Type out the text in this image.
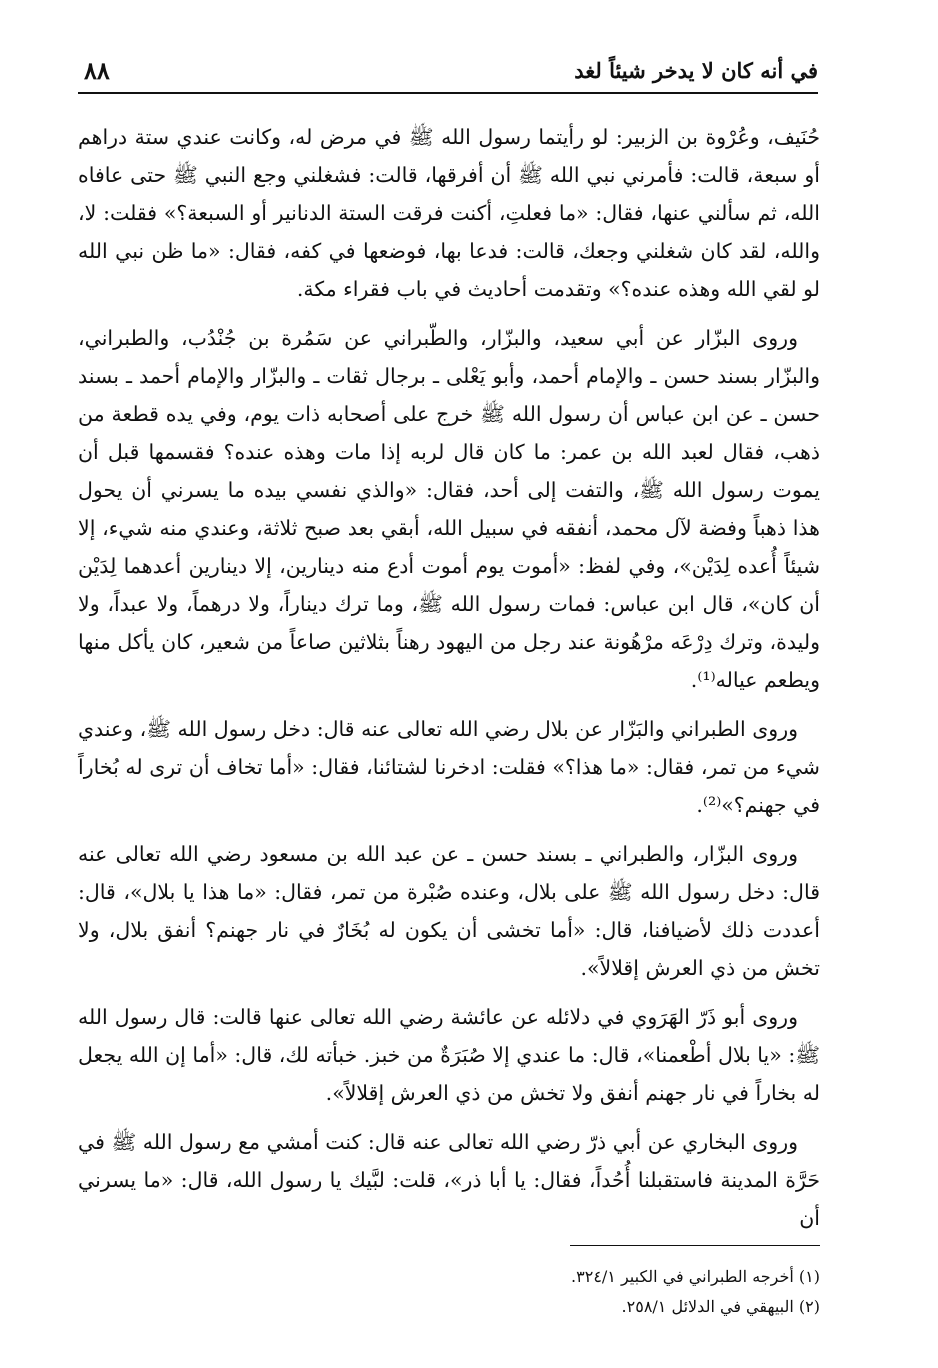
في أنه كان لا يدخر شيئاً لغد
٨٨

حُنَيف، وعُرْوة بن الزبير: لو رأيتما رسول الله ﷺ في مرض له، وكانت عندي ستة دراهم أو سبعة، قالت: فأمرني نبي الله ﷺ أن أفرقها، قالت: فشغلني وجع النبي ﷺ حتى عافاه الله، ثم سألني عنها، فقال: «ما فعلتِ، أكنت فرقت الستة الدنانير أو السبعة؟» فقلت: لا، والله، لقد كان شغلني وجعك، قالت: فدعا بها، فوضعها في كفه، فقال: «ما ظن نبي الله لو لقي الله وهذه عنده؟» وتقدمت أحاديث في باب فقراء مكة.

وروى البزّار عن أبي سعيد، والبزّار، والطّبراني عن سَمُرة بن جُنْدُب، والطبراني، والبزّار بسند حسن ـ والإمام أحمد، وأبو يَعْلى ـ برجال ثقات ـ والبزّار والإمام أحمد ـ بسند حسن ـ عن ابن عباس أن رسول الله ﷺ خرج على أصحابه ذات يوم، وفي يده قطعة من ذهب، فقال لعبد الله بن عمر: ما كان قال لربه إذا مات وهذه عنده؟ فقسمها قبل أن يموت رسول الله ﷺ، والتفت إلى أحد، فقال: «والذي نفسي بيده ما يسرني أن يحول هذا ذهباً وفضة لآل محمد، أنفقه في سبيل الله، أبقي بعد صبح ثلاثة، وعندي منه شيء، إلا شيئاً أُعده لِدَيْن»، وفي لفظ: «أموت يوم أموت أدع منه دينارين، إلا دينارين أعدهما لِدَيْن أن كان»، قال ابن عباس: فمات رسول الله ﷺ، وما ترك ديناراً، ولا درهماً، ولا عبداً، ولا وليدة، وترك دِرْعَه مرْهُونة عند رجل من اليهود رهناً بثلاثين صاعاً من شعير، كان يأكل منها ويطعم عياله⁽¹⁾.

وروى الطبراني والبَزّار عن بلال رضي الله تعالى عنه قال: دخل رسول الله ﷺ، وعندي شيء من تمر، فقال: «ما هذا؟» فقلت: ادخرنا لشتائنا، فقال: «أما تخاف أن ترى له بُخاراً في جهنم؟»⁽²⁾.

وروى البزّار، والطبراني ـ بسند حسن ـ عن عبد الله بن مسعود رضي الله تعالى عنه قال: دخل رسول الله ﷺ على بلال، وعنده صُبْرة من تمر، فقال: «ما هذا يا بلال»، قال: أعددت ذلك لأضيافنا، قال: «أما تخشى أن يكون له بُخَارٌ في نار جهنم؟ أنفق بلال، ولا تخش من ذي العرش إقلالاً».

وروى أبو ذَرّ الهَرَوي في دلائله عن عائشة رضي الله تعالى عنها قالت: قال رسول الله ﷺ: «يا بلال أطْعمنا»، قال: ما عندي إلا صُبَرَةٌ من خبز. خبأته لك، قال: «أما إن الله يجعل له بخاراً في نار جهنم أنفق ولا تخش من ذي العرش إقلالاً».

وروى البخاري عن أبي ذرّ رضي الله تعالى عنه قال: كنت أمشي مع رسول الله ﷺ في حَرَّة المدينة فاستقبلنا أُحُداً، فقال: يا أبا ذر»، قلت: لبَّيك يا رسول الله، قال: «ما يسرني أن

(١) أخرجه الطبراني في الكبير ٣٢٤/١.

(٢) البيهقي في الدلائل ٢٥٨/١.
